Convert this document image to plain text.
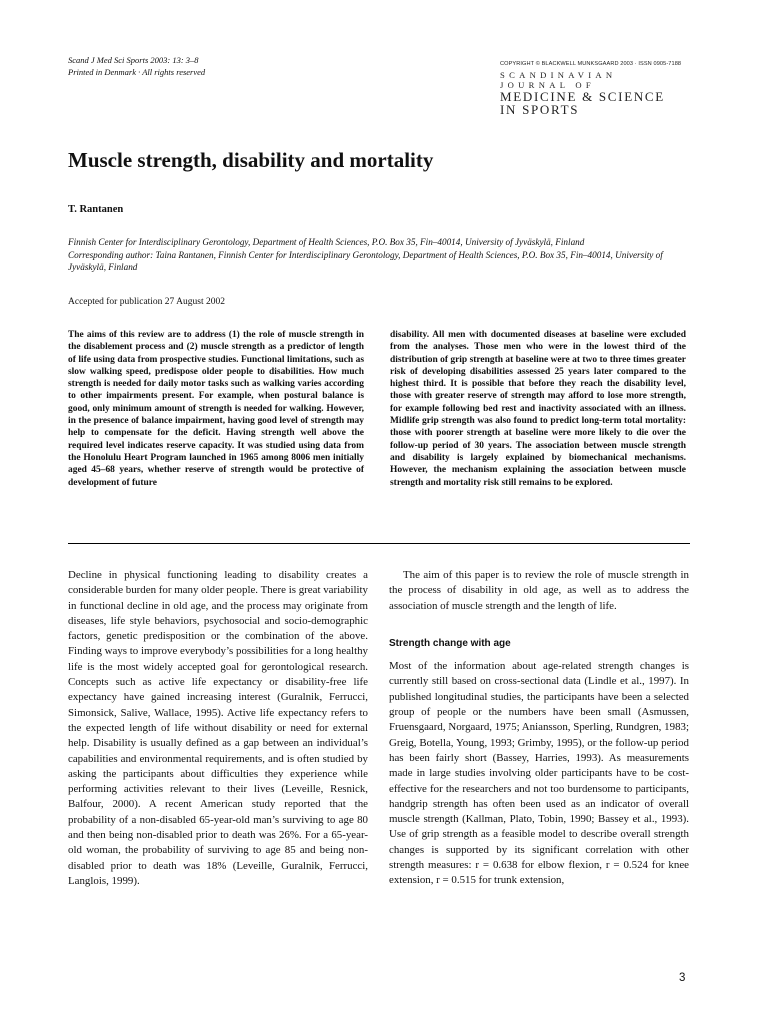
Scand J Med Sci Sports 2003: 13: 3–8
Printed in Denmark · All rights reserved
COPYRIGHT © BLACKWELL MUNKSGAARD 2003 · ISSN 0905-7188
SCANDINAVIAN JOURNAL OF
MEDICINE & SCIENCE
IN SPORTS
Muscle strength, disability and mortality
T. Rantanen
Finnish Center for Interdisciplinary Gerontology, Department of Health Sciences, P.O. Box 35, Fin–40014, University of Jyväskylä, Finland
Corresponding author: Taina Rantanen, Finnish Center for Interdisciplinary Gerontology, Department of Health Sciences, P.O. Box 35, Fin–40014, University of Jyväskylä, Finland
Accepted for publication 27 August 2002
The aims of this review are to address (1) the role of muscle strength in the disablement process and (2) muscle strength as a predictor of length of life using data from prospective studies. Functional limitations, such as slow walking speed, predispose older people to disabilities. How much strength is needed for daily motor tasks such as walking varies according to other impairments present. For example, when postural balance is good, only minimum amount of strength is needed for walking. However, in the presence of balance impairment, having good level of strength may help to compensate for the deficit. Having strength well above the required level indicates reserve capacity. It was studied using data from the Honolulu Heart Program launched in 1965 among 8006 men initially aged 45–68 years, whether reserve of strength would be protective of development of future
disability. All men with documented diseases at baseline were excluded from the analyses. Those men who were in the lowest third of the distribution of grip strength at baseline were at two to three times greater risk of developing disabilities assessed 25 years later compared to the highest third. It is possible that before they reach the disability level, those with greater reserve of strength may afford to lose more strength, for example following bed rest and inactivity associated with an illness. Midlife grip strength was also found to predict long-term total mortality: those with poorer strength at baseline were more likely to die over the follow-up period of 30 years. The association between muscle strength and disability is largely explained by biomechanical mechanisms. However, the mechanism explaining the association between muscle strength and mortality risk still remains to be explored.

Decline in physical functioning leading to disability creates a considerable burden for many older people. There is great variability in functional decline in old age, and the process may originate from diseases, life style behaviors, psychosocial and socio-demographic factors, genetic predisposition or the combination of the above. Finding ways to improve everybody’s possibilities for a long healthy life is the most widely accepted goal for gerontological research. Concepts such as active life expectancy or disability-free life expectancy have gained increasing interest (Guralnik, Ferrucci, Simonsick, Salive, Wallace, 1995). Active life expectancy refers to the expected length of life without disability or need for external help. Disability is usually defined as a gap between an individual’s capabilities and environmental requirements, and is often studied by asking the participants about difficulties they experience while performing activities relevant to their lives (Leveille, Resnick, Balfour, 2000). A recent American study reported that the probability of a non-disabled 65-year-old man’s surviving to age 80 and then being non-disabled prior to death was 26%. For a 65-year-old woman, the probability of surviving to age 85 and being non-disabled prior to death was 18% (Leveille, Guralnik, Ferrucci, Langlois, 1999).

The aim of this paper is to review the role of muscle strength in the process of disability in old age, as well as to address the association of muscle strength and the length of life.

Strength change with age

Most of the information about age-related strength changes is currently still based on cross-sectional data (Lindle et al., 1997). In published longitudinal studies, the participants have been a selected group of people or the numbers have been small (Asmussen, Fruensgaard, Norgaard, 1975; Aniansson, Sperling, Rundgren, 1983; Greig, Botella, Young, 1993; Grimby, 1995), or the follow-up period has been fairly short (Bassey, Harries, 1993). As measurements made in large studies involving older participants have to be cost-effective for the researchers and not too burdensome to participants, handgrip strength has often been used as an indicator of overall muscle strength (Kallman, Plato, Tobin, 1990; Bassey et al., 1993). Use of grip strength as a feasible model to describe overall strength changes is supported by its significant correlation with other strength measures: r = 0.638 for elbow flexion, r = 0.524 for knee extension, r = 0.515 for trunk extension,

3
